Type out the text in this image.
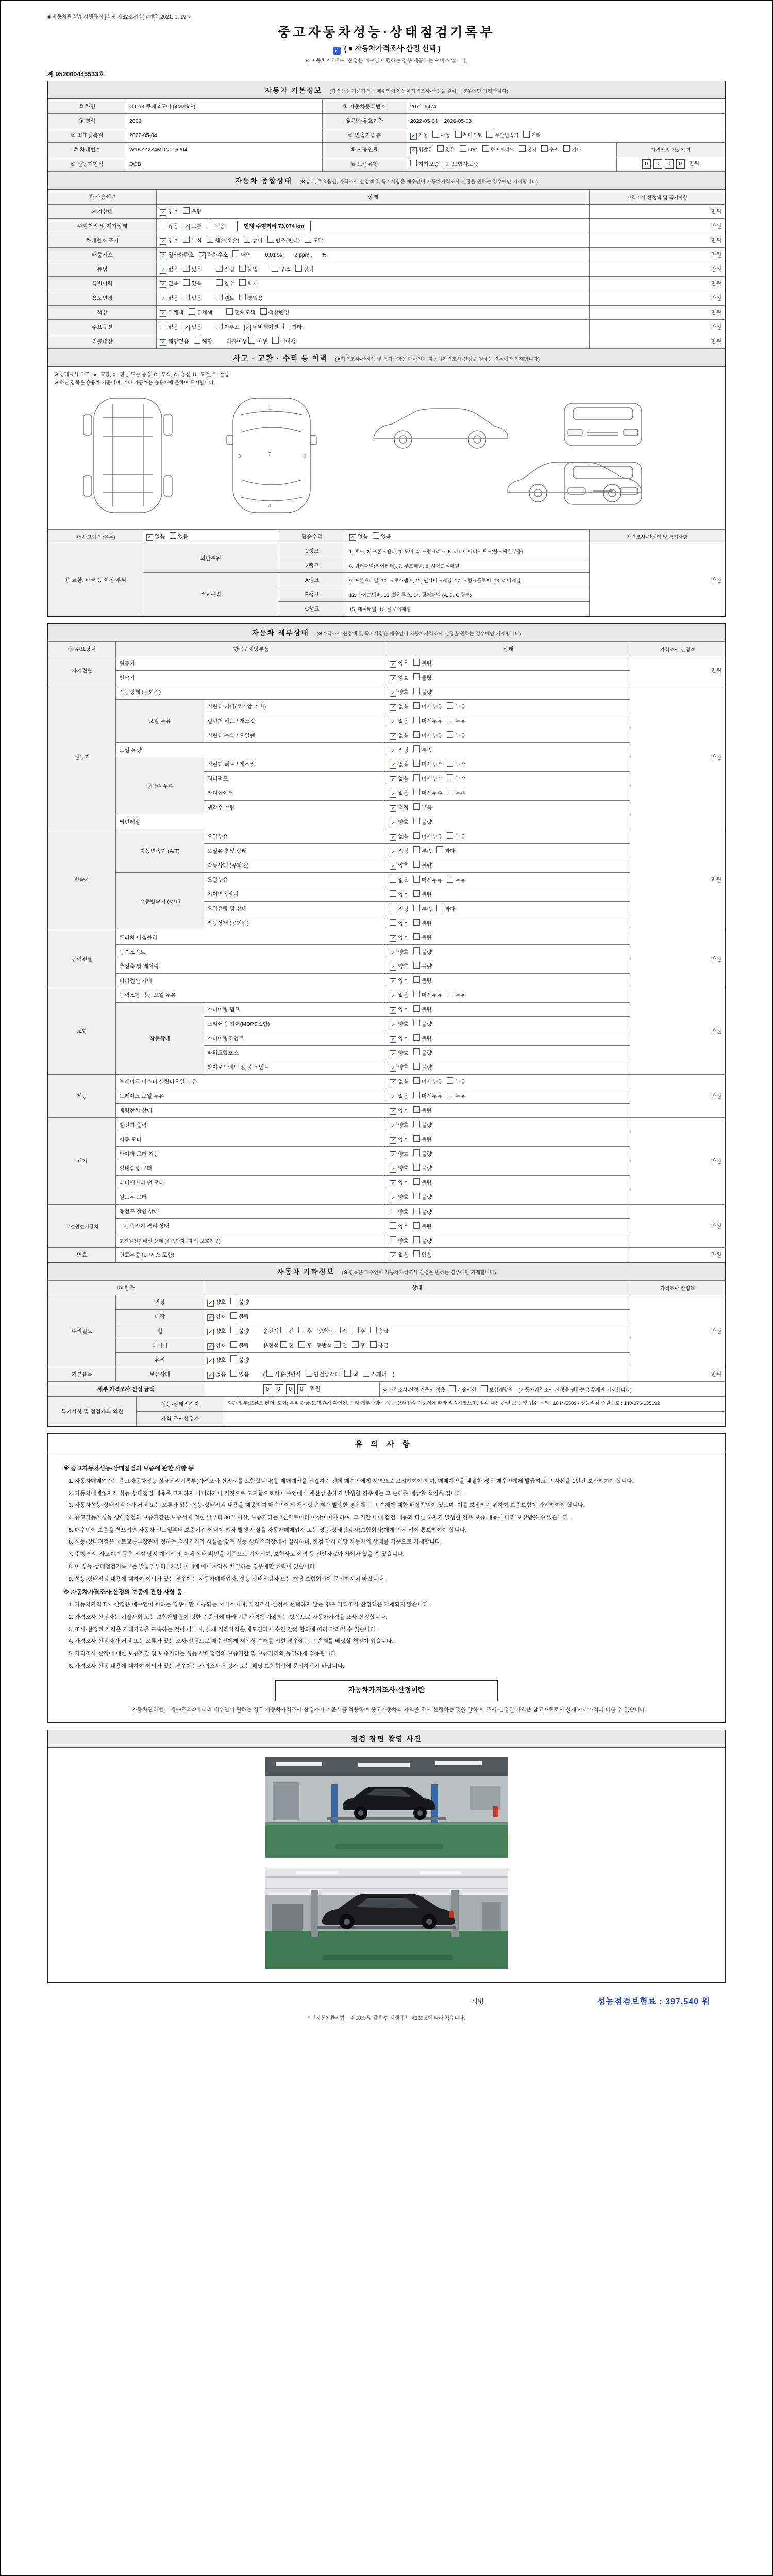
■ 자동차관리법 시행규칙 [별지 제82호서식] <개정 2021. 1. 19.>
중고자동차성능·상태점검기록부
✓ ( ■ 자동차가격조사·산정 선택 )
※ 자동차가격조사·산정은 매수인이 원하는 경우 제공하는 서비스 입니다.
제 952000445533호
자동차 기본정보 (가격산정 기준가격은 매수인이 자동차가격조사·산정을 원하는 경우에만 기재합니다)
① 차명	GT 63 쿠페 4도어 (4Matic+)	② 자동차등록번호	207부6474	
③ 연식	2022	④ 검사유효기간	2022-05-04 ~ 2026-05-03	
⑤ 최초등록일	2022-05-04	⑥ 변속기종류	✓ 자동 수동 세미오토 무단변속기 기타	
⑦ 차대번호	W1KZZ2Z4MDN016204	⑧ 사용연료	✓ 휘발유 경유 LPG 하이브리드 전기 수소 기타	가격산정 기준가격
⑨ 원동기형식	DOB	⑩ 보증유형	자가보증 ✓ 보험사보증	0 0 0 0 만원
자동차 종합상태 (※상태, 주요옵션, 가격조사·산정액 및 특기사항은 매수인이 자동차가격조사·산정을 원하는 경우에만 기재합니다)
⑪ 사용이력	상태	가격조사·산정액 및 특기사항
계기상태	✓ 양호 불량	만원
주행거리 및 계기상태	많음 ✓ 보통 적음 현재 주행거리 73,074 km	만원
차대번호 표기	✓ 양호 부식 훼손(오손) 상이 변조(변타) 도말	만원
배출가스	✓ 일산화탄소 ✓ 탄화수소 매연 0.01 % , 2 ppm , %	만원
튜닝	✓ 없음 있음 적법 불법 구조 장치	만원
특별이력	✓ 없음 있음 침수 화재	만원
용도변경	✓ 없음 있음 렌트 영업용	만원
색상	✓ 무채색 유채색 전체도색 색상변경	만원
주요옵션	없음 ✓ 있음 썬루프 ✓ 네비게이션 기타	만원
리콜대상	✓ 해당없음 해당 리콜이행 이행 미이행	만원
사고 · 교환 · 수리 등 이력 (※가격조사·산정액 및 특기사항은 매수인이 자동차가격조사·산정을 원하는 경우에만 기재합니다)
※ 상태표시 부호 : ● : 교환, X : 판금 또는 용접, C : 부식, A : 흠집, U : 요철, T : 손상
※ 하단 항목은 승용차 기준이며, 기타 자동차는 승용차에 준하여 표시합니다.
1
7
4
3	3
⑫ 사고이력 (유무)	✓ 없음 있음	단순수리	✓ 없음 있음	가격조사·산정액 및 특기사항
⑬ 교환, 판금 등 이상 부위	외판부위	1랭크	1. 후드, 2. 프론트펜더, 3. 도어, 4. 트렁크리드, 5. 라디에이터서포트(볼트체결부품)	만원
		2랭크	6. 쿼터패널(리어펜더), 7. 루프패널, 8. 사이드실패널	
	주요골격	A랭크	9. 프론트패널, 10. 크로스멤버, 11. 인사이드패널, 17. 트렁크플로어, 18. 리어패널	
		B랭크	12. 사이드멤버, 13. 휠하우스, 14. 필러패널 (A, B, C 필러)	
		C랭크	15. 대쉬패널, 16. 플로어패널	
자동차 세부상태 (※가격조사·산정액 및 특기사항은 매수인이 자동차가격조사·산정을 원하는 경우에만 기재합니다)
⑭ 주요장치	항목 / 해당부품		상태	가격조사·산정액
자기진단	원동기		✓ 양호 불량	만원
	변속기		✓ 양호 불량	
원동기	작동상태 (공회전)		✓ 양호 불량	만원
	오일 누유	실린더 커버(로커암 커버)	✓ 없음 미세누유 누유	
		실린더 헤드 / 개스킷	✓ 없음 미세누유 누유	
		실린더 블록 / 오일팬	✓ 없음 미세누유 누유	
	오일 유량		✓ 적정 부족	
	냉각수 누수	실린더 헤드 / 개스킷	✓ 없음 미세누수 누수	
		워터펌프	✓ 없음 미세누수 누수	
		라디에이터	✓ 없음 미세누수 누수	
		냉각수 수량	✓ 적정 부족	
	커먼레일		✓ 양호 불량	
변속기	자동변속기 (A/T)	오일누유	✓ 없음 미세누유 누유	만원
		오일유량 및 상태	✓ 적정 부족 과다	
		작동상태 (공회전)	✓ 양호 불량	
	수동변속기 (M/T)	오일누유	없음 미세누유 누유	
		기어변속장치	양호 불량	
		오일유량 및 상태	적정 부족 과다	
		작동상태 (공회전)	양호 불량	
동력전달	클러치 어셈블리		✓ 양호 불량	만원
	등속조인트		✓ 양호 불량	
	추진축 및 베어링		✓ 양호 불량	
	디퍼렌셜 기어		✓ 양호 불량	
조향	동력조향 작동 오일 누유		✓ 없음 미세누유 누유	만원
	작동상태	스티어링 펌프	✓ 양호 불량	
		스티어링 기어(MDPS포함)	✓ 양호 불량	
		스티어링조인트	✓ 양호 불량	
		파워고압호스	✓ 양호 불량	
		타이로드엔드 및 볼 조인트	✓ 양호 불량	
제동	브레이크 마스터 실린더오일 누유		✓ 없음 미세누유 누유	만원
	브레이크 오일 누유		✓ 없음 미세누유 누유	
	배력장치 상태		✓ 양호 불량	
전기	발전기 출력		✓ 양호 불량	만원
	시동 모터		✓ 양호 불량	
	와이퍼 모터 기능		✓ 양호 불량	
	실내송풍 모터		✓ 양호 불량	
	라디에이터 팬 모터		✓ 양호 불량	
	원도우 모터		✓ 양호 불량	
고전원전기장치	충전구 절연 상태		양호 불량	만원
	구동축전지 격리 상태		양호 불량	
	고전원전기배선 상태 (접속단자, 피복, 보호기구)		양호 불량	
연료	연료누출 (LP가스 포함)		✓ 없음 있음	만원
자동차 기타정보 (※ 항목은 매수인이 자동차가격조사·산정을 원하는 경우에만 기재합니다)
⑮ 항목		상태	가격조사·산정액
수리필요	외장	✓ 양호 불량	만원
	내장	✓ 양호 불량	
	휠	✓ 양호 불량 운전석 전 후 동반석 전 후 응급	
	타이어	✓ 양호 불량 운전석 전 후 동반석 전 후 응급	
	유리	✓ 양호 불량	
기본품목	보유상태	✓ 없음 있음 ( 사용설명서 안전삼각대 잭 스패너 )	만원
세부 가격조사·산정 금액	0 0 0 0 만원	※ 가격조사·산정 기준서 적용 : 기술사회	보험개발원 (자동차가격조사·산정을 원하는 경우에만 기재합니다)
특기사항 및 점검자의 의견	성능·상태점검자	외판 일부(프론트 펜더, 도어) 부위 판금·도색 흔적 확인됨. 기타 세부사항은 성능·상태점검 기준서에 따라 점검하였으며, 점검 내용 관련 보증 및 접수 문의 : 1644-5509 / 성능점검 증권번호 : 140-075-635192
	가격·조사산정자	
유의사항
※ 중고자동차성능·상태점검의 보증에 관한 사항 등
1. 자동차매매업자는 중고자동차성능·상태점검기록부(가격조사·산정서를 포함합니다)를 매매계약을 체결하기 전에 매수인에게 서면으로 고지하여야 하며, 매매계약을 체결한 경우 매수인에게 발급하고 그 사본을 1년간 보관하여야 합니다.
2. 자동차매매업자가 성능·상태점검 내용을 고지하지 아니하거나 거짓으로 고지함으로써 매수인에게 재산상 손해가 발생한 경우에는 그 손해를 배상할 책임을 집니다.
3. 자동차성능·상태점검자가 거짓 또는 오류가 있는 성능·상태점검 내용을 제공하여 매수인에게 재산상 손해가 발생한 경우에는 그 손해에 대한 배상책임이 있으며, 이를 보장하기 위하여 보증보험에 가입하여야 합니다.
4. 중고자동차성능·상태점검의 보증기간은 보증서에 적힌 날부터 30일 이상, 보증거리는 2천킬로미터 이상이어야 하며, 그 기간 내에 점검 내용과 다른 하자가 발생한 경우 보증 내용에 따라 보상받을 수 있습니다.
5. 매수인이 보증을 받으려면 자동차 인도일부터 보증기간 이내에 하자 발생 사실을 자동차매매업자 또는 성능·상태점검자(보험회사)에게 지체 없이 통보하여야 합니다.
6. 성능·상태점검은 국토교통부장관이 정하는 검사기기와 시설을 갖춘 성능·상태점검장에서 실시하며, 점검 당시 해당 자동차의 상태를 기준으로 기재합니다.
7. 주행거리, 사고이력 등은 점검 당시 계기판 및 차체 상태 확인을 기준으로 기재되며, 보험사고 이력 등 전산자료와 차이가 있을 수 있습니다.
8. 이 성능·상태점검기록부는 발급일부터 120일 이내에 매매계약을 체결하는 경우에만 효력이 있습니다.
9. 성능·상태점검 내용에 대하여 이의가 있는 경우에는 자동차매매업자, 성능·상태점검자 또는 해당 보험회사에 문의하시기 바랍니다.
※ 자동차가격조사·산정의 보증에 관한 사항 등
1. 자동차가격조사·산정은 매수인이 원하는 경우에만 제공되는 서비스이며, 가격조사·산정을 선택하지 않은 경우 가격조사·산정액은 기재되지 않습니다.
2. 가격조사·산정자는 기술사회 또는 보험개발원이 정한 기준서에 따라 기준가격에 가감하는 방식으로 자동차가격을 조사·산정합니다.
3. 조사·산정된 가격은 거래가격을 구속하는 것이 아니며, 실제 거래가격은 매도인과 매수인 간의 합의에 따라 달라질 수 있습니다.
4. 가격조사·산정자가 거짓 또는 오류가 있는 조사·산정으로 매수인에게 재산상 손해를 입힌 경우에는 그 손해를 배상할 책임이 있습니다.
5. 가격조사·산정에 대한 보증기간 및 보증거리는 성능·상태점검의 보증기간 및 보증거리와 동일하게 적용됩니다.
6. 가격조사·산정 내용에 대하여 이의가 있는 경우에는 가격조사·산정자 또는 해당 보험회사에 문의하시기 바랍니다.
자동차가격조사·산정이란
「자동차관리법」 제58조의4에 따라 매수인이 원하는 경우 자동차가격조사·산정자가 기준서를 적용하여 중고자동차의 가격을 조사·산정하는 것을 말하며, 조사·산정된 가격은 참고자료로서 실제 거래가격과 다를 수 있습니다.
점검 장면 촬영 사진
서명	성능점검보험료 : 397,540 원
* 「자동차관리법」 제58조 및 같은 법 시행규칙 제120조에 따라 적습니다.
